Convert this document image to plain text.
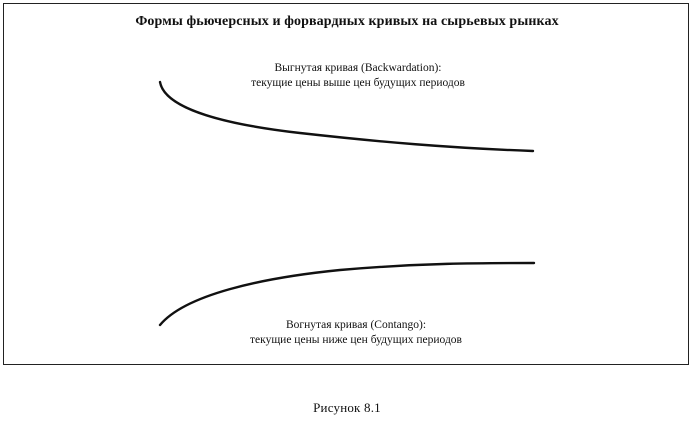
Формы фьючерсных и форвардных кривых на сырьевых рынках
Выгнутая кривая (Backwardation):
текущие цены выше цен будущих периодов
Вогнутая кривая (Contango):
текущие цены ниже цен будущих периодов
Рисунок 8.1
